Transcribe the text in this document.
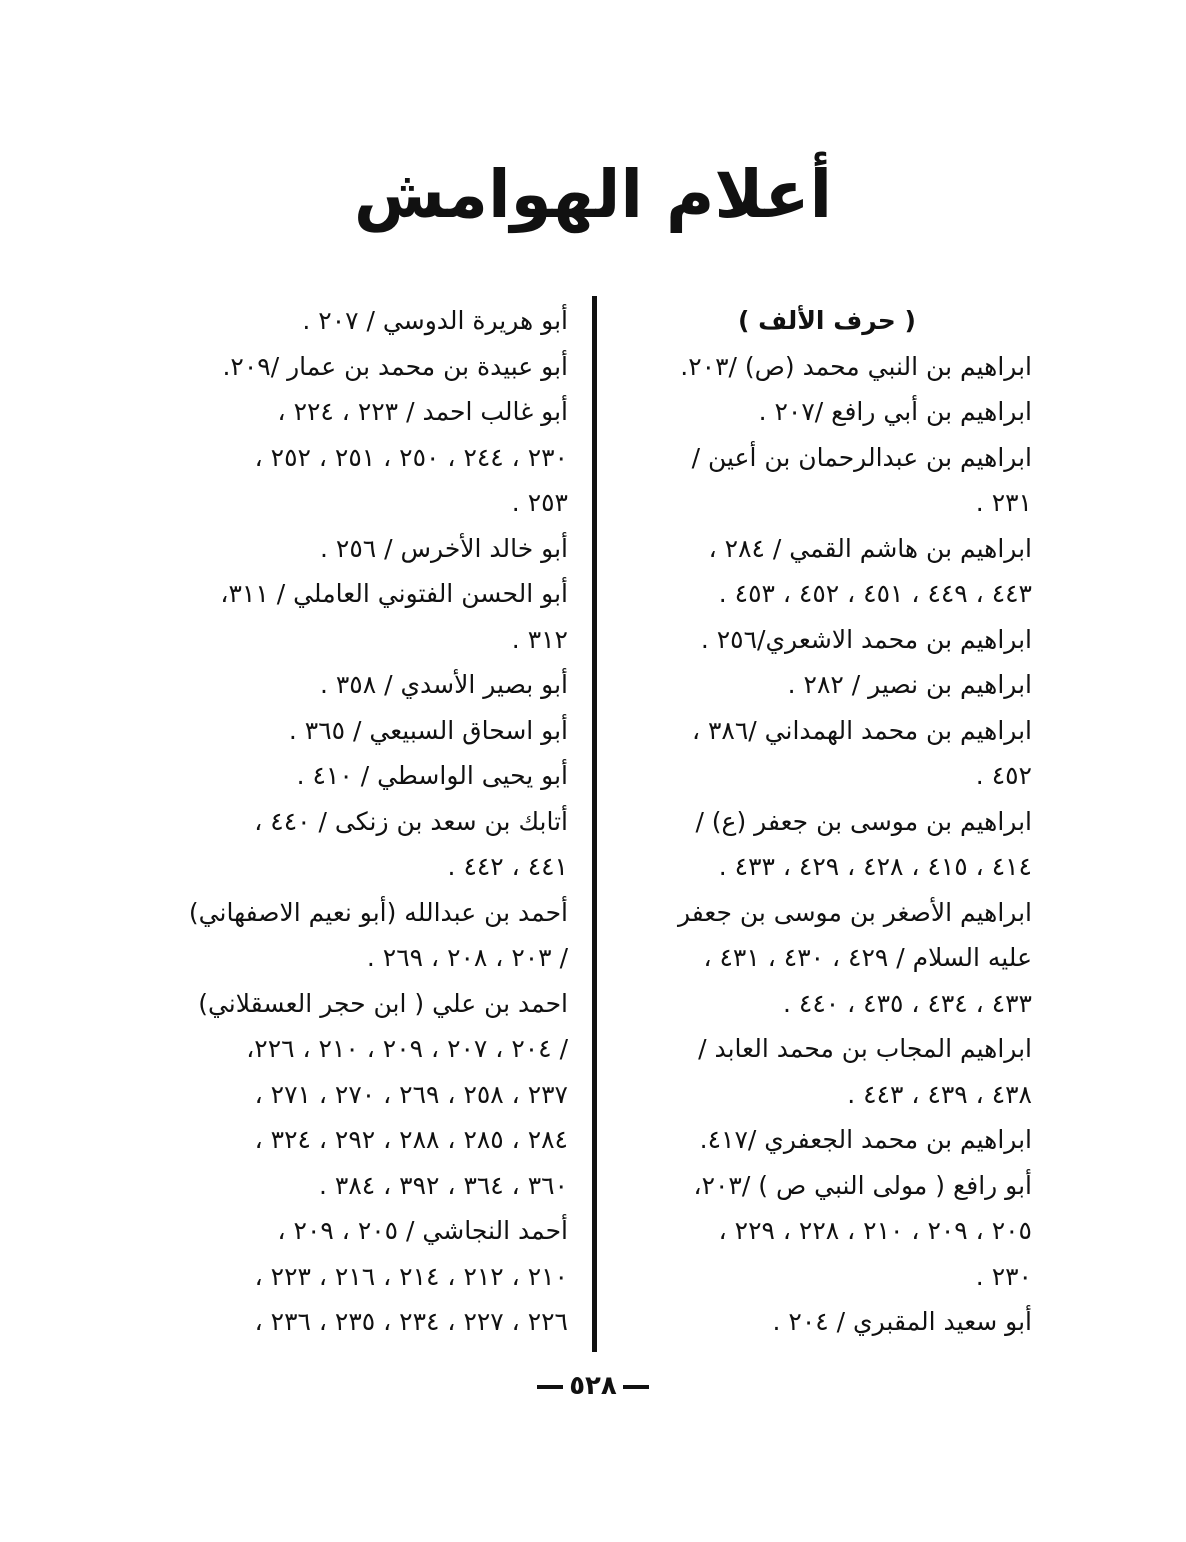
أعلام الهوامش
( حرف الألف )
ابراهيم بن النبي محمد (ص) /٢٠٣.
ابراهيم بن أبي رافع /٢٠٧ .
ابراهيم بن عبدالرحمان بن أعين /
٢٣١ .
ابراهيم بن هاشم القمي / ٢٨٤ ،
٤٤٣ ، ٤٤٩ ، ٤٥١ ، ٤٥٢ ، ٤٥٣ .
ابراهيم بن محمد الاشعري/٢٥٦ .
ابراهيم بن نصير / ٢٨٢ .
ابراهيم بن محمد الهمداني /٣٨٦ ،
٤٥٢ .
ابراهيم بن موسى بن جعفر (ع) /
٤١٤ ، ٤١٥ ، ٤٢٨ ، ٤٢٩ ، ٤٣٣ .
ابراهيم الأصغر بن موسى بن جعفر
عليه السلام / ٤٢٩ ، ٤٣٠ ، ٤٣١ ،
٤٣٣ ، ٤٣٤ ، ٤٣٥ ، ٤٤٠ .
ابراهيم المجاب بن محمد العابد /
٤٣٨ ، ٤٣٩ ، ٤٤٣ .
ابراهيم بن محمد الجعفري /٤١٧.
أبو رافع ( مولى النبي ص ) /٢٠٣،
٢٠٥ ، ٢٠٩ ، ٢١٠ ، ٢٢٨ ، ٢٢٩ ،
٢٣٠ .
أبو سعيد المقبري / ٢٠٤ .
أبو هريرة الدوسي / ٢٠٧ .
أبو عبيدة بن محمد بن عمار /٢٠٩.
أبو غالب احمد / ٢٢٣ ، ٢٢٤ ،
٢٣٠ ، ٢٤٤ ، ٢٥٠ ، ٢٥١ ، ٢٥٢ ،
٢٥٣ .
أبو خالد الأخرس / ٢٥٦ .
أبو الحسن الفتوني العاملي / ٣١١،
٣١٢ .
أبو بصير الأسدي / ٣٥٨ .
أبو اسحاق السبيعي / ٣٦٥ .
أبو يحيى الواسطي / ٤١٠ .
أتابك بن سعد بن زنكى / ٤٤٠ ،
٤٤١ ، ٤٤٢ .
أحمد بن عبدالله (أبو نعيم الاصفهاني)
/ ٢٠٣ ، ٢٠٨ ، ٢٦٩ .
احمد بن علي ( ابن حجر العسقلاني)
/ ٢٠٤ ، ٢٠٧ ، ٢٠٩ ، ٢١٠ ، ٢٢٦،
٢٣٧ ، ٢٥٨ ، ٢٦٩ ، ٢٧٠ ، ٢٧١ ،
٢٨٤ ، ٢٨٥ ، ٢٨٨ ، ٢٩٢ ، ٣٢٤ ،
٣٦٠ ، ٣٦٤ ، ٣٩٢ ، ٣٨٤ .
أحمد النجاشي / ٢٠٥ ، ٢٠٩ ،
٢١٠ ، ٢١٢ ، ٢١٤ ، ٢١٦ ، ٢٢٣ ،
٢٢٦ ، ٢٢٧ ، ٢٣٤ ، ٢٣٥ ، ٢٣٦ ،
٥٢٨
